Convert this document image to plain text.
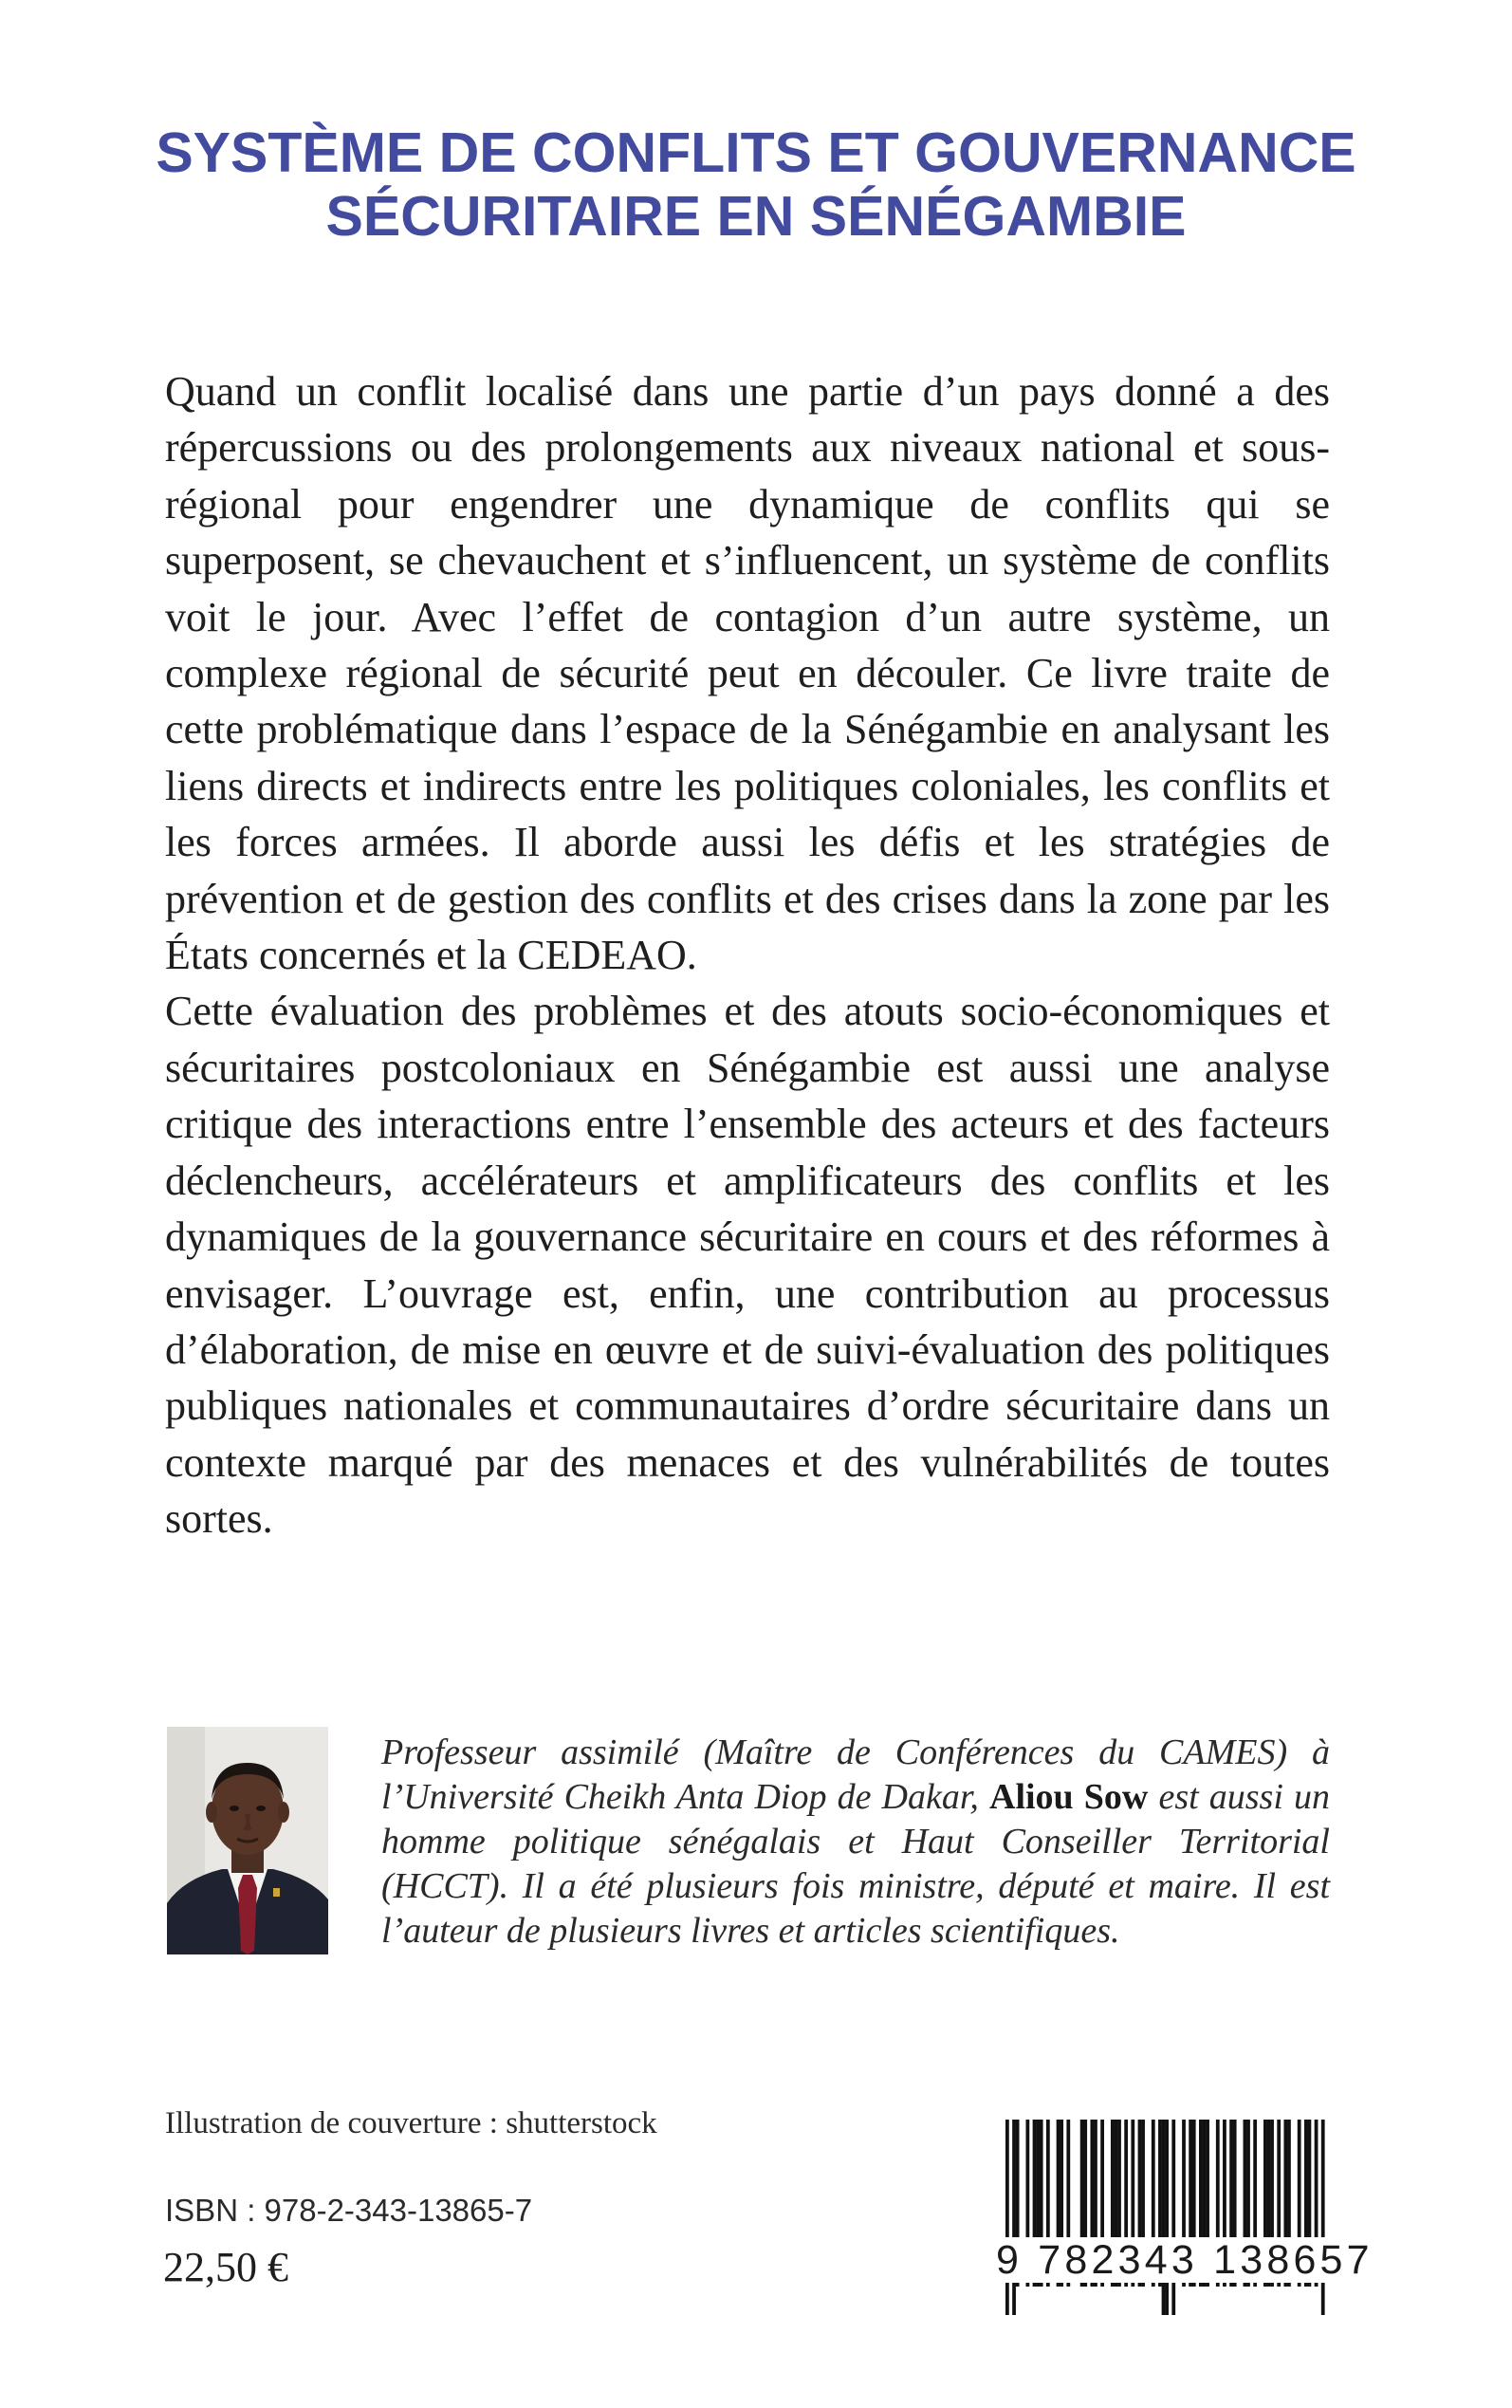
SYSTÈME DE CONFLITS ET GOUVERNANCE
SÉCURITAIRE EN SÉNÉGAMBIE

Quand un conflit localisé dans une partie d’un pays donné a des répercussions ou des prolongements aux niveaux national et sous-régional pour engendrer une dynamique de conflits qui se superposent, se chevauchent et s’influencent, un système de conflits voit le jour. Avec l’effet de contagion d’un autre système, un complexe régional de sécurité peut en découler. Ce livre traite de cette problématique dans l’espace de la Sénégambie en analysant les liens directs et indirects entre les politiques coloniales, les conflits et les forces armées. Il aborde aussi les défis et les stratégies de prévention et de gestion des conflits et des crises dans la zone par les États concernés et la CEDEAO.

Cette évaluation des problèmes et des atouts socio-économiques et sécuritaires postcoloniaux en Sénégambie est aussi une analyse critique des interactions entre l’ensemble des acteurs et des facteurs déclencheurs, accélérateurs et amplificateurs des conflits et les dynamiques de la gouvernance sécuritaire en cours et des réformes à envisager. L’ouvrage est, enfin, une contribution au processus d’élaboration, de mise en œuvre et de suivi-évaluation des politiques publiques nationales et communautaires d’ordre sécuritaire dans un contexte marqué par des menaces et des vulnérabilités de toutes sortes.

Professeur assimilé (Maître de Conférences du CAMES) à l’Université Cheikh Anta Diop de Dakar, Aliou Sow est aussi un homme politique sénégalais et Haut Conseiller Territorial (HCCT). Il a été plusieurs fois ministre, député et maire. Il est l’auteur de plusieurs livres et articles scientifiques.

Illustration de couverture : shutterstock

ISBN : 978-2-343-13865-7

22,50 €	9 782343 138657
